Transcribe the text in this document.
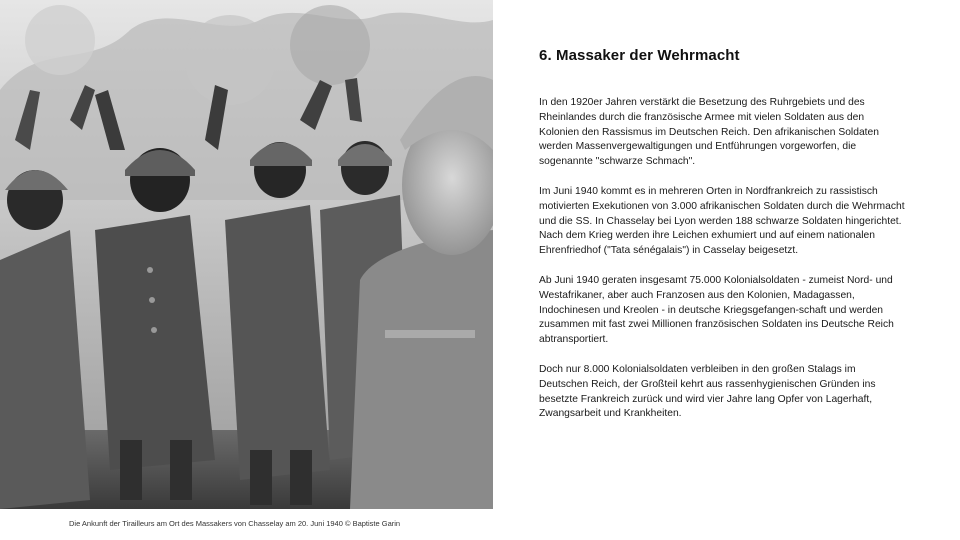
Die Ankunft der Tirailleurs am Ort des Massakers von Chasselay am 20. Juni 1940 © Baptiste Garin
6. Massaker der Wehrmacht

In den 1920er Jahren verstärkt die Besetzung des Ruhrgebiets und des Rheinlandes durch die französische Armee mit vielen Soldaten aus den Kolonien den Rassismus im Deutschen Reich. Den afrikanischen Soldaten werden Massenvergewaltigungen und Entführungen vorgeworfen, die sogenannte "schwarze Schmach".

Im Juni 1940 kommt es in mehreren Orten in Nordfrankreich zu rassistisch motivierten Exekutionen von 3.000 afrikanischen Soldaten durch die Wehrmacht und die SS. In Chasselay bei Lyon werden 188 schwarze Soldaten hingerichtet. Nach dem Krieg werden ihre Leichen exhumiert und auf einem nationalen Ehrenfriedhof ("Tata sénégalais") in Casselay beigesetzt.

Ab Juni 1940 geraten insgesamt 75.000 Kolonialsoldaten - zumeist Nord- und Westafrikaner, aber auch Franzosen aus den Kolonien, Madagassen, Indochinesen und Kreolen - in deutsche Kriegsgefangen-schaft und werden zusammen mit fast zwei Millionen französischen Soldaten ins Deutsche Reich abtransportiert.

Doch nur 8.000 Kolonialsoldaten verbleiben in den großen Stalags im Deutschen Reich, der Großteil kehrt aus rassenhygienischen Gründen ins besetzte Frankreich zurück und wird vier Jahre lang Opfer von Lagerhaft, Zwangsarbeit und Krankheiten.
